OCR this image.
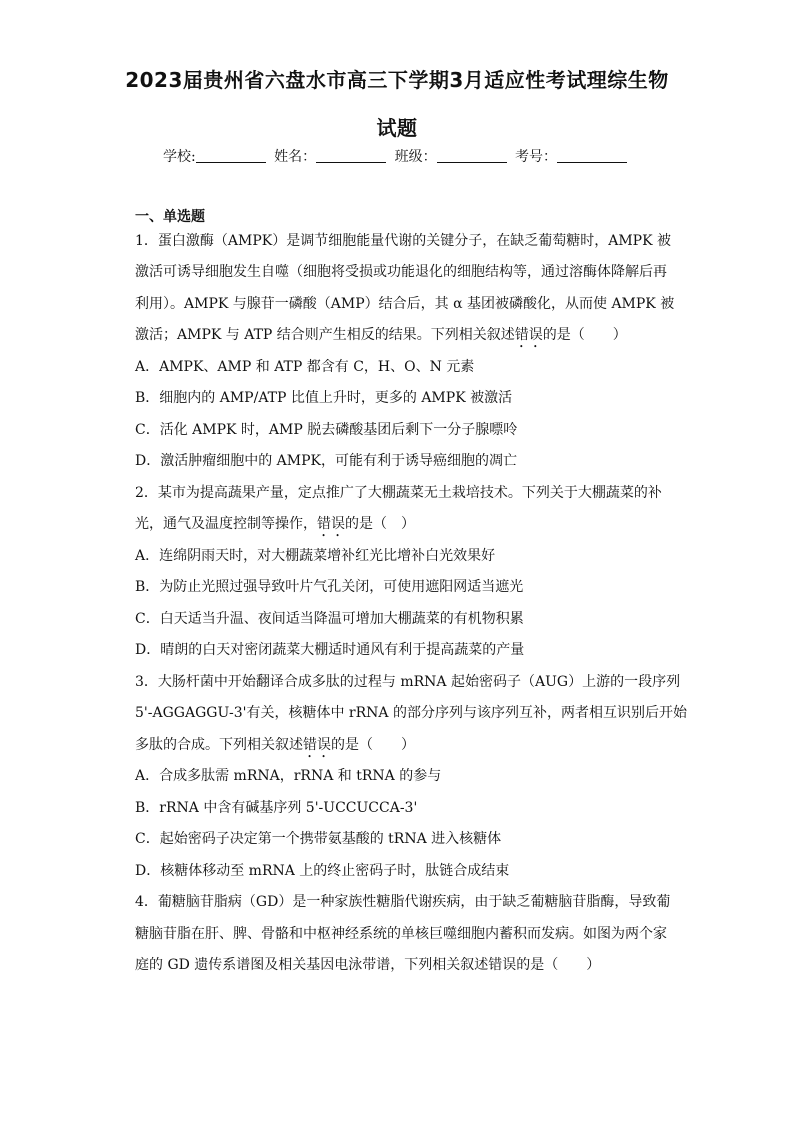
2023届贵州省六盘水市高三下学期3月适应性考试理综生物
试题
学校:	姓名：	班级：	考号：
一、单选题
1．蛋白激酶（AMPK）是调节细胞能量代谢的关键分子，在缺乏葡萄糖时，AMPK 被
激活可诱导细胞发生自噬（细胞将受损或功能退化的细胞结构等，通过溶酶体降解后再
利用）。AMPK 与腺苷一磷酸（AMP）结合后，其 α 基团被磷酸化，从而使 AMPK 被
激活；AMPK 与 ATP 结合则产生相反的结果。下列相关叙述错误的是（　　）
A．AMPK、AMP 和 ATP 都含有 C，H、O、N 元素
B．细胞内的 AMP/ATP 比值上升时，更多的 AMPK 被激活
C．活化 AMPK 时，AMP 脱去磷酸基团后剩下一分子腺嘌呤
D．激活肿瘤细胞中的 AMPK，可能有利于诱导癌细胞的凋亡
2．某市为提高蔬果产量，定点推广了大棚蔬菜无土栽培技术。下列关于大棚蔬菜的补
光，通气及温度控制等操作，错误的是（　）
A．连绵阴雨天时，对大棚蔬菜增补红光比增补白光效果好
B．为防止光照过强导致叶片气孔关闭，可使用遮阳网适当遮光
C．白天适当升温、夜间适当降温可增加大棚蔬菜的有机物积累
D．晴朗的白天对密闭蔬菜大棚适时通风有利于提高蔬菜的产量
3．大肠杆菌中开始翻译合成多肽的过程与 mRNA 起始密码子（AUG）上游的一段序列
5'-AGGAGGU-3'有关，核糖体中 rRNA 的部分序列与该序列互补，两者相互识别后开始
多肽的合成。下列相关叙述错误的是（　　）
A．合成多肽需 mRNA，rRNA 和 tRNA 的参与
B．rRNA 中含有碱基序列 5'-UCCUCCA-3'
C．起始密码子决定第一个携带氨基酸的 tRNA 进入核糖体
D．核糖体移动至 mRNA 上的终止密码子时，肽链合成结束
4．葡糖脑苷脂病（GD）是一种家族性糖脂代谢疾病，由于缺乏葡糖脑苷脂酶，导致葡
糖脑苷脂在肝、脾、骨骼和中枢神经系统的单核巨噬细胞内蓄积而发病。如图为两个家
庭的 GD 遗传系谱图及相关基因电泳带谱，下列相关叙述错误的是（　　）
